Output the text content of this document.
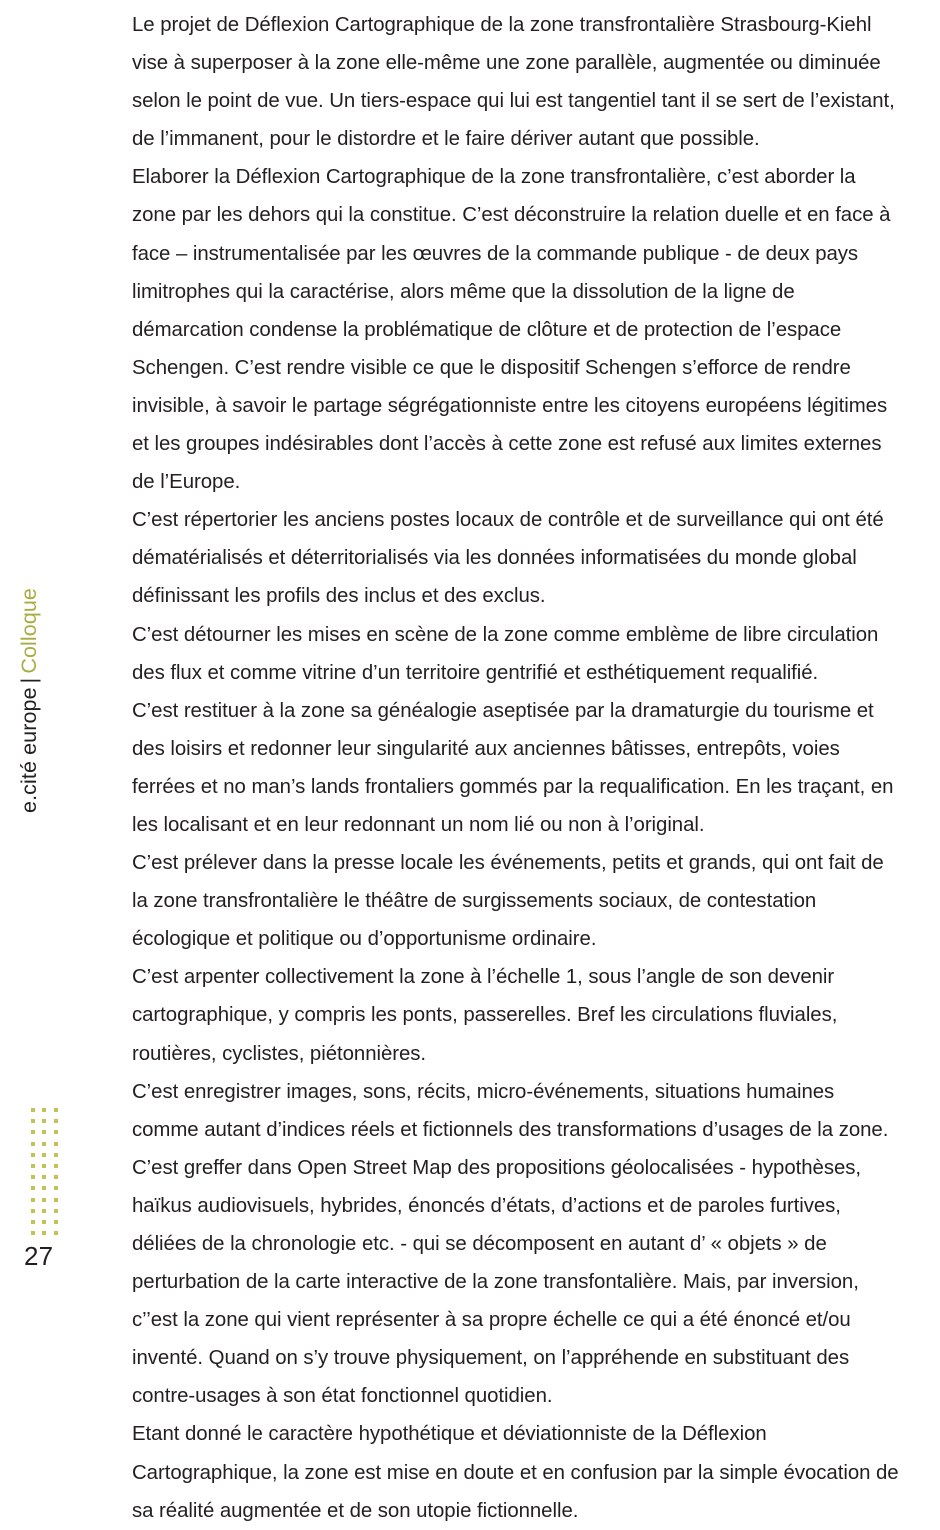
e.cité europe
|
Colloque
27

Le projet de Déflexion Cartographique de la zone transfrontalière Strasbourg-Kiehl vise à superposer à la zone elle-même une zone parallèle, augmentée ou diminuée selon le point de vue. Un tiers-espace qui lui est tangentiel tant il se sert de l’existant, de l’immanent, pour le distordre et le faire dériver autant que possible.

Elaborer la Déflexion Cartographique de la zone transfrontalière, c’est aborder la zone par les dehors qui la constitue. C’est déconstruire la relation duelle et en face à face – instrumentalisée par les œuvres de la commande publique - de deux pays limitrophes qui la caractérise, alors même que la dissolution de la ligne de démarcation condense la problématique de clôture et de protection de l’espace Schengen. C’est rendre visible ce que le dispositif Schengen s’efforce de rendre invisible, à savoir le partage ségrégationniste entre les citoyens européens légitimes et les groupes indésirables dont l’accès à cette zone est refusé aux limites externes de l’Europe.

C’est répertorier les anciens postes locaux de contrôle et de surveillance qui ont été dématérialisés et déterritorialisés via les données informatisées du monde global définissant les profils des inclus et des exclus.

C’est détourner les mises en scène de la zone comme emblème de libre circulation des flux et comme vitrine d’un territoire gentrifié et esthétiquement requalifié.

C’est restituer à la zone sa généalogie aseptisée par la dramaturgie du tourisme et des loisirs et redonner leur singularité aux anciennes bâtisses, entrepôts, voies ferrées et no man’s lands frontaliers gommés par la requalification. En les traçant, en les localisant et en leur redonnant un nom lié ou non à l’original.

C’est prélever dans la presse locale les événements, petits et grands, qui ont fait de la zone transfrontalière le théâtre de surgissements sociaux, de contestation écologique et politique ou d’opportunisme ordinaire.

C’est arpenter collectivement la zone à l’échelle 1, sous l’angle de son devenir cartographique, y compris les ponts, passerelles. Bref les circulations fluviales, routières, cyclistes, piétonnières.

C’est enregistrer images, sons, récits, micro-événements, situations humaines comme autant d’indices réels et fictionnels des transformations d’usages de la zone.

C’est greffer dans Open Street Map des propositions géolocalisées - hypothèses, haïkus audiovisuels, hybrides, énoncés d’états, d’actions et de paroles furtives, déliées de la chronologie etc. - qui se décomposent en autant d’ « objets » de perturbation de la carte interactive de la zone transfontalière. Mais, par inversion, c’’est la zone qui vient représenter à sa propre échelle ce qui a été énoncé et/ou inventé. Quand on s’y trouve physiquement, on l’appréhende en substituant des contre-usages à son état fonctionnel quotidien.

Etant donné le caractère hypothétique et déviationniste de la Déflexion Cartographique, la zone est mise en doute et en confusion par la simple évocation de sa réalité augmentée et de son utopie fictionnelle.
